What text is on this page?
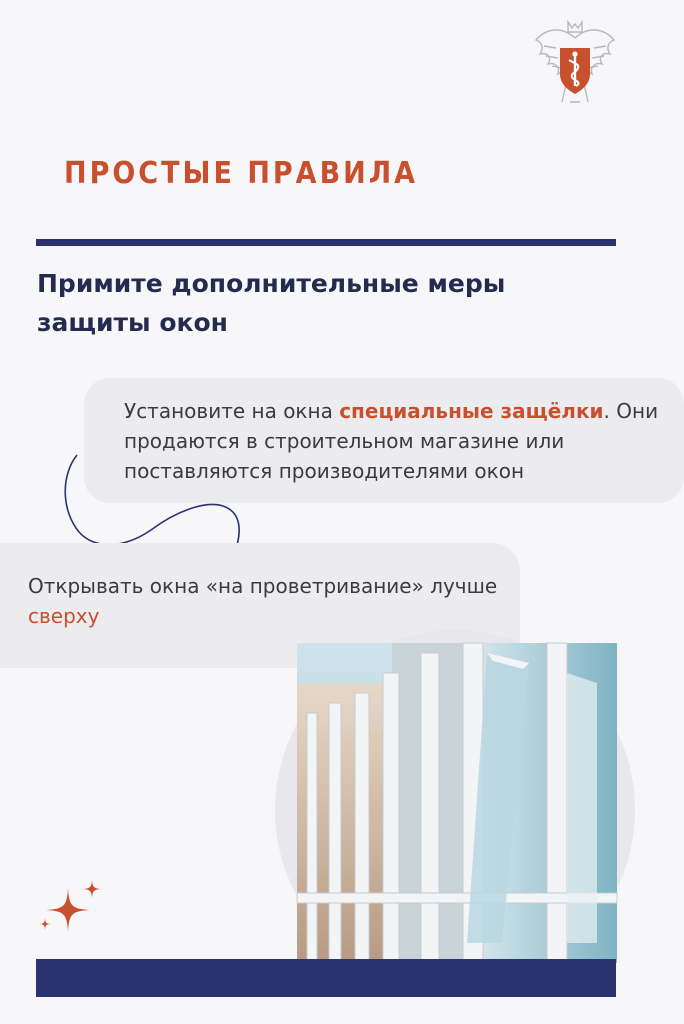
ПРОСТЫЕ ПРАВИЛА
Примите дополнительные меры защиты окон
Установите на окна специальные защёлки. Они продаются в строительном магазине или поставляются производителями окон
Открывать окна «на проветривание» лучше сверху
